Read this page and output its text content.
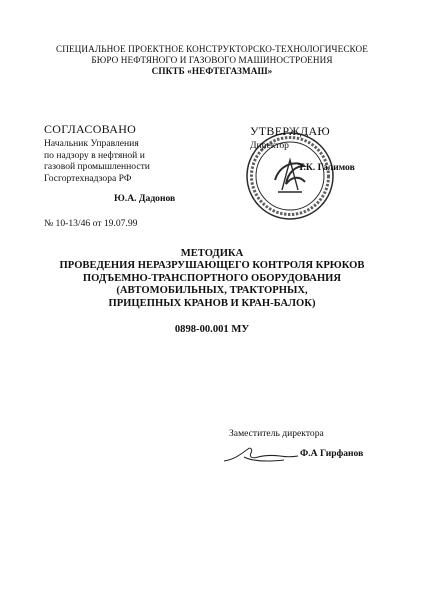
СПЕЦИАЛЬНОЕ ПРОЕКТНОЕ КОНСТРУКТОРСКО-ТЕХНОЛОГИЧЕСКОЕ
БЮРО НЕФТЯНОГО И ГАЗОВОГО МАШИНОСТРОЕНИЯ
СПКТБ «НЕФТЕГАЗМАШ»
СОГЛАСОВАНО
Начальник Управления
по надзору в нефтяной и
газовой промышленности
Госгортехнадзора РФ
Ю.А. Дадонов
№ 10-13/46 от 19.07.99
УТВЕРЖДАЮ
Директор
Т.К. Галимов
МЕТОДИКА
ПРОВЕДЕНИЯ НЕРАЗРУШАЮЩЕГО КОНТРОЛЯ КРЮКОВ
ПОДЪЕМНО-ТРАНСПОРТНОГО ОБОРУДОВАНИЯ
(АВТОМОБИЛЬНЫХ, ТРАКТОРНЫХ,
ПРИЦЕПНЫХ КРАНОВ И КРАН-БАЛОК)
0898-00.001 МУ
Заместитель директора
Ф.А Гирфанов
